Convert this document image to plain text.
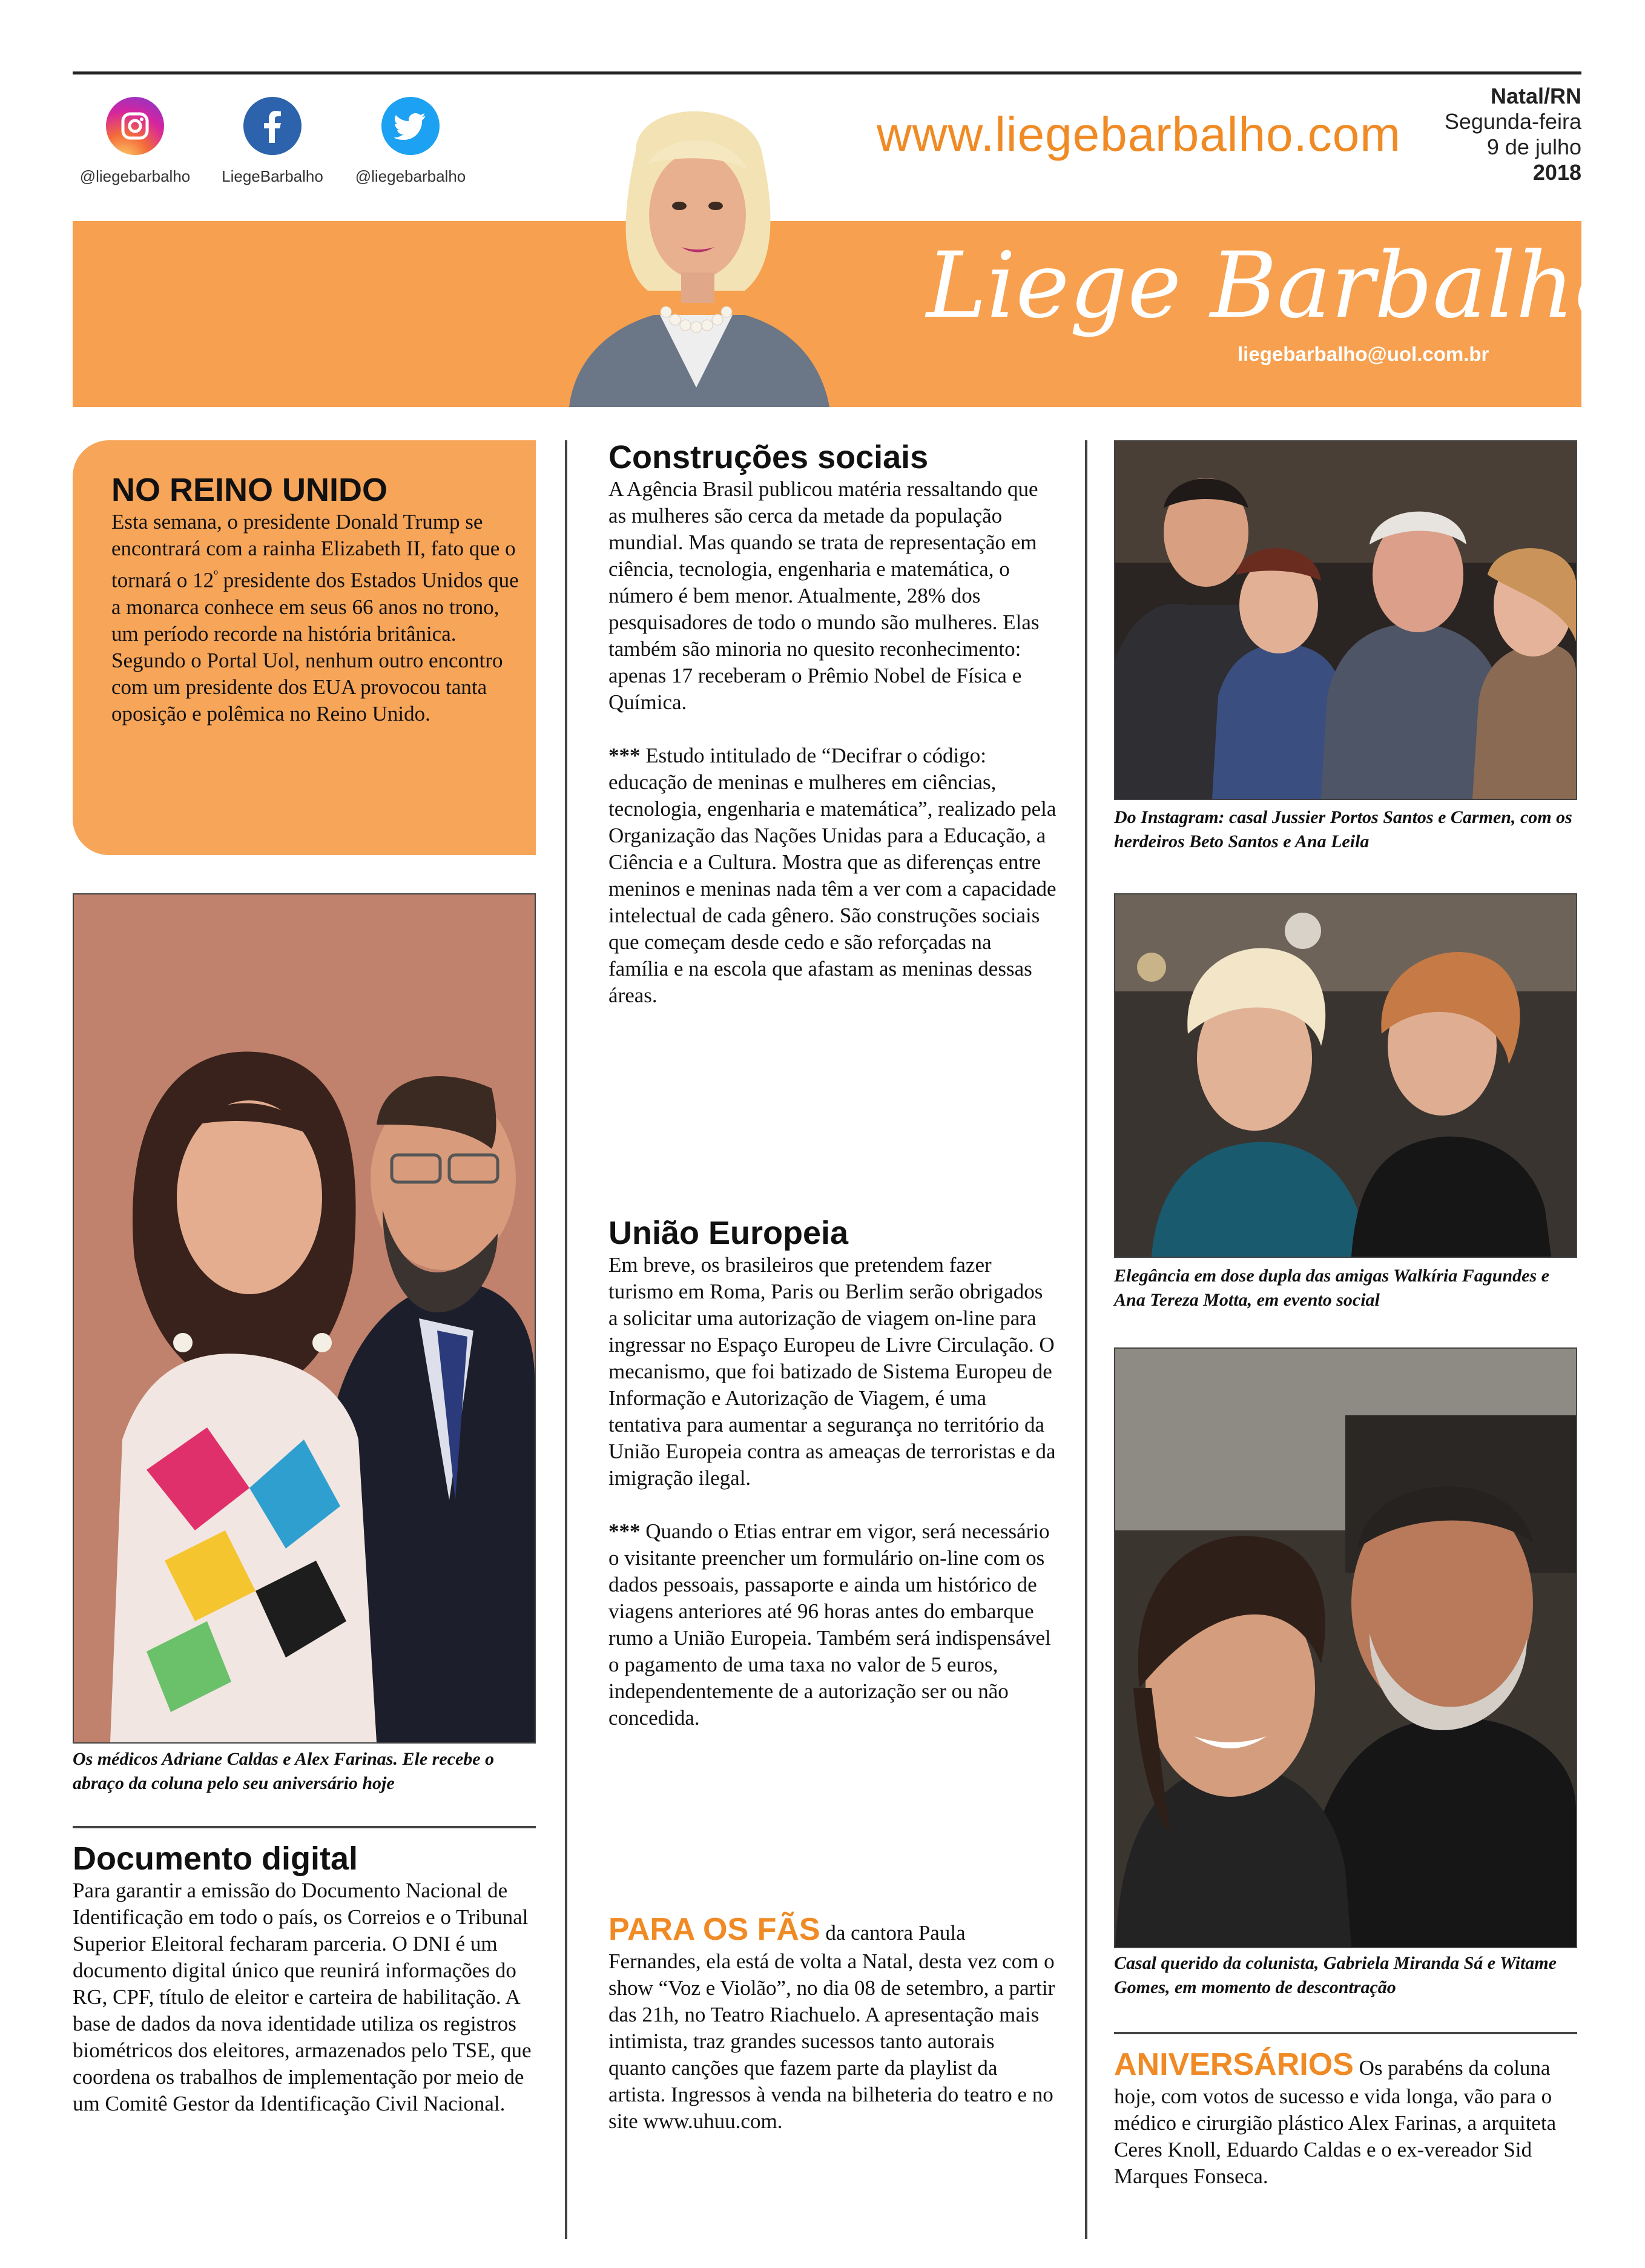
@liegebarbalho	LiegeBarbalho	@liegebarbalho
www.liegebarbalho.com
Natal/RN
Segunda-feira
9 de julho
2018
Liege Barbalho
liegebarbalho@uol.com.br
NO REINO UNIDO
Esta semana, o presidente Donald Trump se encontrará com a rainha Elizabeth II, fato que o tornará o $12^º$ presidente dos Estados Unidos que a monarca conhece em seus 66 anos no trono, um período recorde na história britânica. Segundo o Portal Uol, nenhum outro encontro com um presidente dos EUA provocou tanta oposição e polêmica no Reino Unido.
Os médicos Adriane Caldas e Alex Farinas. Ele recebe o abraço da coluna pelo seu aniversário hoje
Documento digital
Para garantir a emissão do Documento Nacional de Identificação em todo o país, os Correios e o Tribunal Superior Eleitoral fecharam parceria. O DNI é um documento digital único que reunirá informações do RG, CPF, título de eleitor e carteira de habilitação. A base de dados da nova identidade utiliza os registros biométricos dos eleitores, armazenados pelo TSE, que coordena os trabalhos de implementação por meio de um Comitê Gestor da Identificação Civil Nacional.
Construções sociais
A Agência Brasil publicou matéria ressaltando que as mulheres são cerca da metade da população mundial. Mas quando se trata de representação em ciência, tecnologia, engenharia e matemática, o número é bem menor. Atualmente, 28% dos pesquisadores de todo o mundo são mulheres. Elas também são minoria no quesito reconhecimento: apenas 17 receberam o Prêmio Nobel de Física e Química.
*** Estudo intitulado de “Decifrar o código: educação de meninas e mulheres em ciências, tecnologia, engenharia e matemática”, realizado pela Organização das Nações Unidas para a Educação, a Ciência e a Cultura. Mostra que as diferenças entre meninos e meninas nada têm a ver com a capacidade intelectual de cada gênero. São construções sociais que começam desde cedo e são reforçadas na família e na escola que afastam as meninas dessas áreas.
União Europeia
Em breve, os brasileiros que pretendem fazer turismo em Roma, Paris ou Berlim serão obrigados a solicitar uma autorização de viagem on-line para ingressar no Espaço Europeu de Livre Circulação. O mecanismo, que foi batizado de Sistema Europeu de Informação e Autorização de Viagem, é uma tentativa para aumentar a segurança no território da União Europeia contra as ameaças de terroristas e da imigração ilegal.
*** Quando o Etias entrar em vigor, será necessário o visitante preencher um formulário on-line com os dados pessoais, passaporte e ainda um histórico de viagens anteriores até 96 horas antes do embarque rumo a União Europeia. Também será indispensável o pagamento de uma taxa no valor de 5 euros, independentemente de a autorização ser ou não concedida.
PARA OS FÃS da cantora Paula Fernandes, ela está de volta a Natal, desta vez com o show “Voz e Violão”, no dia 08 de setembro, a partir das 21h, no Teatro Riachuelo. A apresentação mais intimista, traz grandes sucessos tanto autorais quanto canções que fazem parte da playlist da artista. Ingressos à venda na bilheteria do teatro e no site www.uhuu.com.
Do Instagram: casal Jussier Portos Santos e Carmen, com os herdeiros Beto Santos e Ana Leila
Elegância em dose dupla das amigas Walkíria Fagundes e Ana Tereza Motta, em evento social
Casal querido da colunista, Gabriela Miranda Sá e Witame Gomes, em momento de descontração
ANIVERSÁRIOS Os parabéns da coluna hoje, com votos de sucesso e vida longa, vão para o médico e cirurgião plástico Alex Farinas, a arquiteta Ceres Knoll, Eduardo Caldas e o ex-vereador Sid Marques Fonseca.
